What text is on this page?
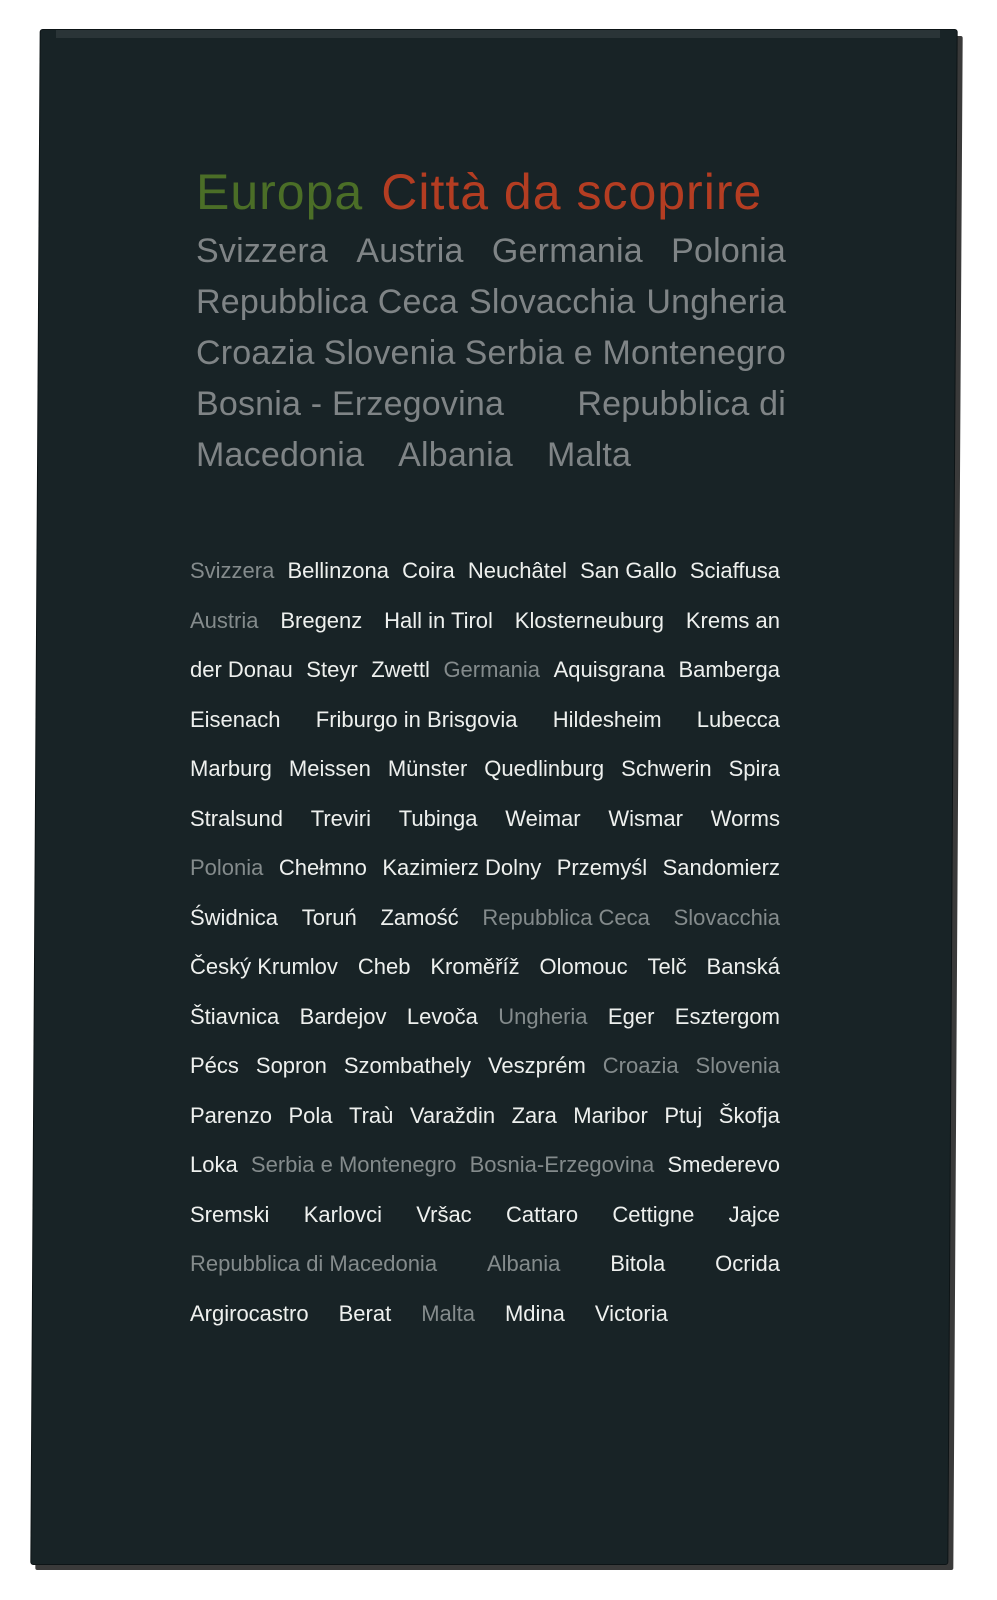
Europa Città da scoprire
Svizzera Austria Germania Polonia
Repubblica Ceca Slovacchia Ungheria
Croazia Slovenia Serbia e Montenegro
Bosnia - Erzegovina Repubblica di
Macedonia Albania Malta
Svizzera Bellinzona Coira Neuchâtel San Gallo Sciaffusa
Austria Bregenz Hall in Tirol Klosterneuburg Krems an
der Donau Steyr Zwettl Germania Aquisgrana Bamberga
Eisenach Friburgo in Brisgovia Hildesheim Lubecca
Marburg Meissen Münster Quedlinburg Schwerin Spira
Stralsund Treviri Tubinga Weimar Wismar Worms
Polonia Chełmno Kazimierz Dolny Przemyśl Sandomierz
Świdnica Toruń Zamość Repubblica Ceca Slovacchia
Český Krumlov Cheb Kroměříž Olomouc Telč Banská
Štiavnica Bardejov Levoča Ungheria Eger Esztergom
Pécs Sopron Szombathely Veszprém Croazia Slovenia
Parenzo Pola Traù Varaždin Zara Maribor Ptuj Škofja
Loka Serbia e Montenegro Bosnia-Erzegovina Smederevo
Sremski Karlovci Vršac Cattaro Cettigne Jajce
Repubblica di Macedonia Albania Bitola Ocrida
Argirocastro Berat Malta Mdina Victoria
